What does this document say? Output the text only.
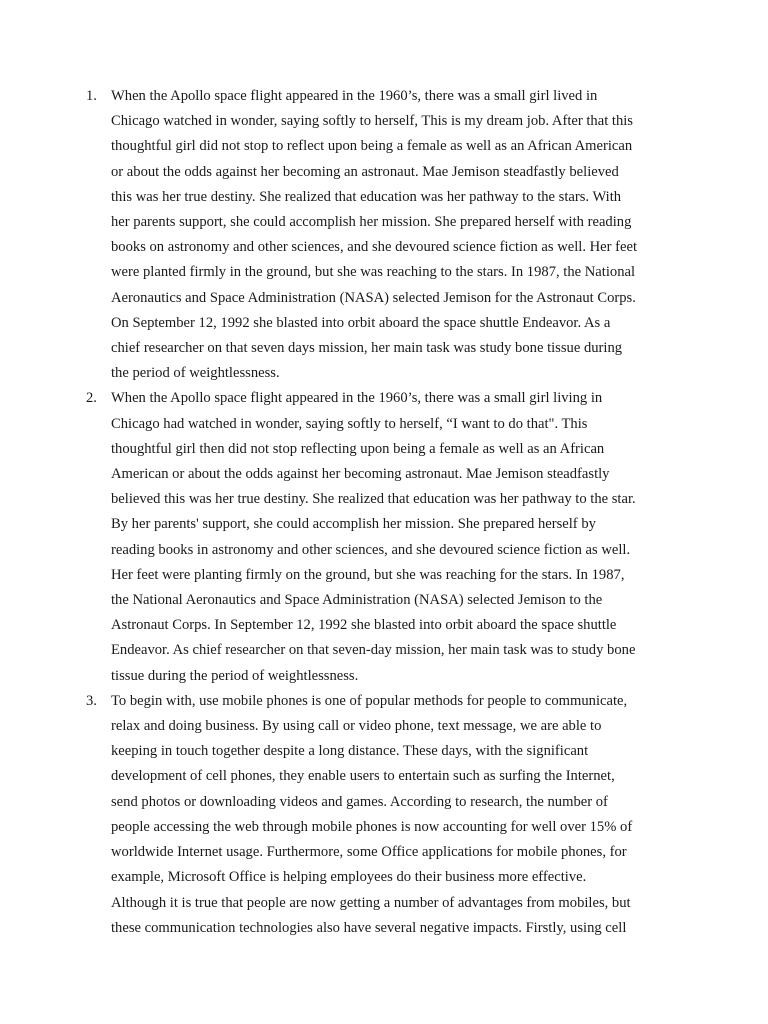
1. When the Apollo space flight appeared in the 1960’s, there was a small girl lived in
Chicago watched in wonder, saying softly to herself, This is my dream job. After that this
thoughtful girl did not stop to reflect upon being a female as well as an African American
or about the odds against her becoming an astronaut. Mae Jemison steadfastly believed
this was her true destiny. She realized that education was her pathway to the stars. With
her parents support, she could accomplish her mission. She prepared herself with reading
books on astronomy and other sciences, and she devoured science fiction as well. Her feet
were planted firmly in the ground, but she was reaching to the stars. In 1987, the National
Aeronautics and Space Administration (NASA) selected Jemison for the Astronaut Corps.
On September 12, 1992 she blasted into orbit aboard the space shuttle Endeavor. As a
chief researcher on that seven days mission, her main task was study bone tissue during
the period of weightlessness.
2. When the Apollo space flight appeared in the 1960’s, there was a small girl living in
Chicago had watched in wonder, saying softly to herself, “I want to do that". This
thoughtful girl then did not stop reflecting upon being a female as well as an African
American or about the odds against her becoming astronaut. Mae Jemison steadfastly
believed this was her true destiny. She realized that education was her pathway to the star.
By her parents' support, she could accomplish her mission. She prepared herself by
reading books in astronomy and other sciences, and she devoured science fiction as well.
Her feet were planting firmly on the ground, but she was reaching for the stars. In 1987,
the National Aeronautics and Space Administration (NASA) selected Jemison to the
Astronaut Corps. In September 12, 1992 she blasted into orbit aboard the space shuttle
Endeavor. As chief researcher on that seven-day mission, her main task was to study bone
tissue during the period of weightlessness.
3. To begin with, use mobile phones is one of popular methods for people to communicate,
relax and doing business. By using call or video phone, text message, we are able to
keeping in touch together despite a long distance. These days, with the significant
development of cell phones, they enable users to entertain such as surfing the Internet,
send photos or downloading videos and games. According to research, the number of
people accessing the web through mobile phones is now accounting for well over 15% of
worldwide Internet usage. Furthermore, some Office applications for mobile phones, for
example, Microsoft Office is helping employees do their business more effective.
Although it is true that people are now getting a number of advantages from mobiles, but
these communication technologies also have several negative impacts. Firstly, using cell
